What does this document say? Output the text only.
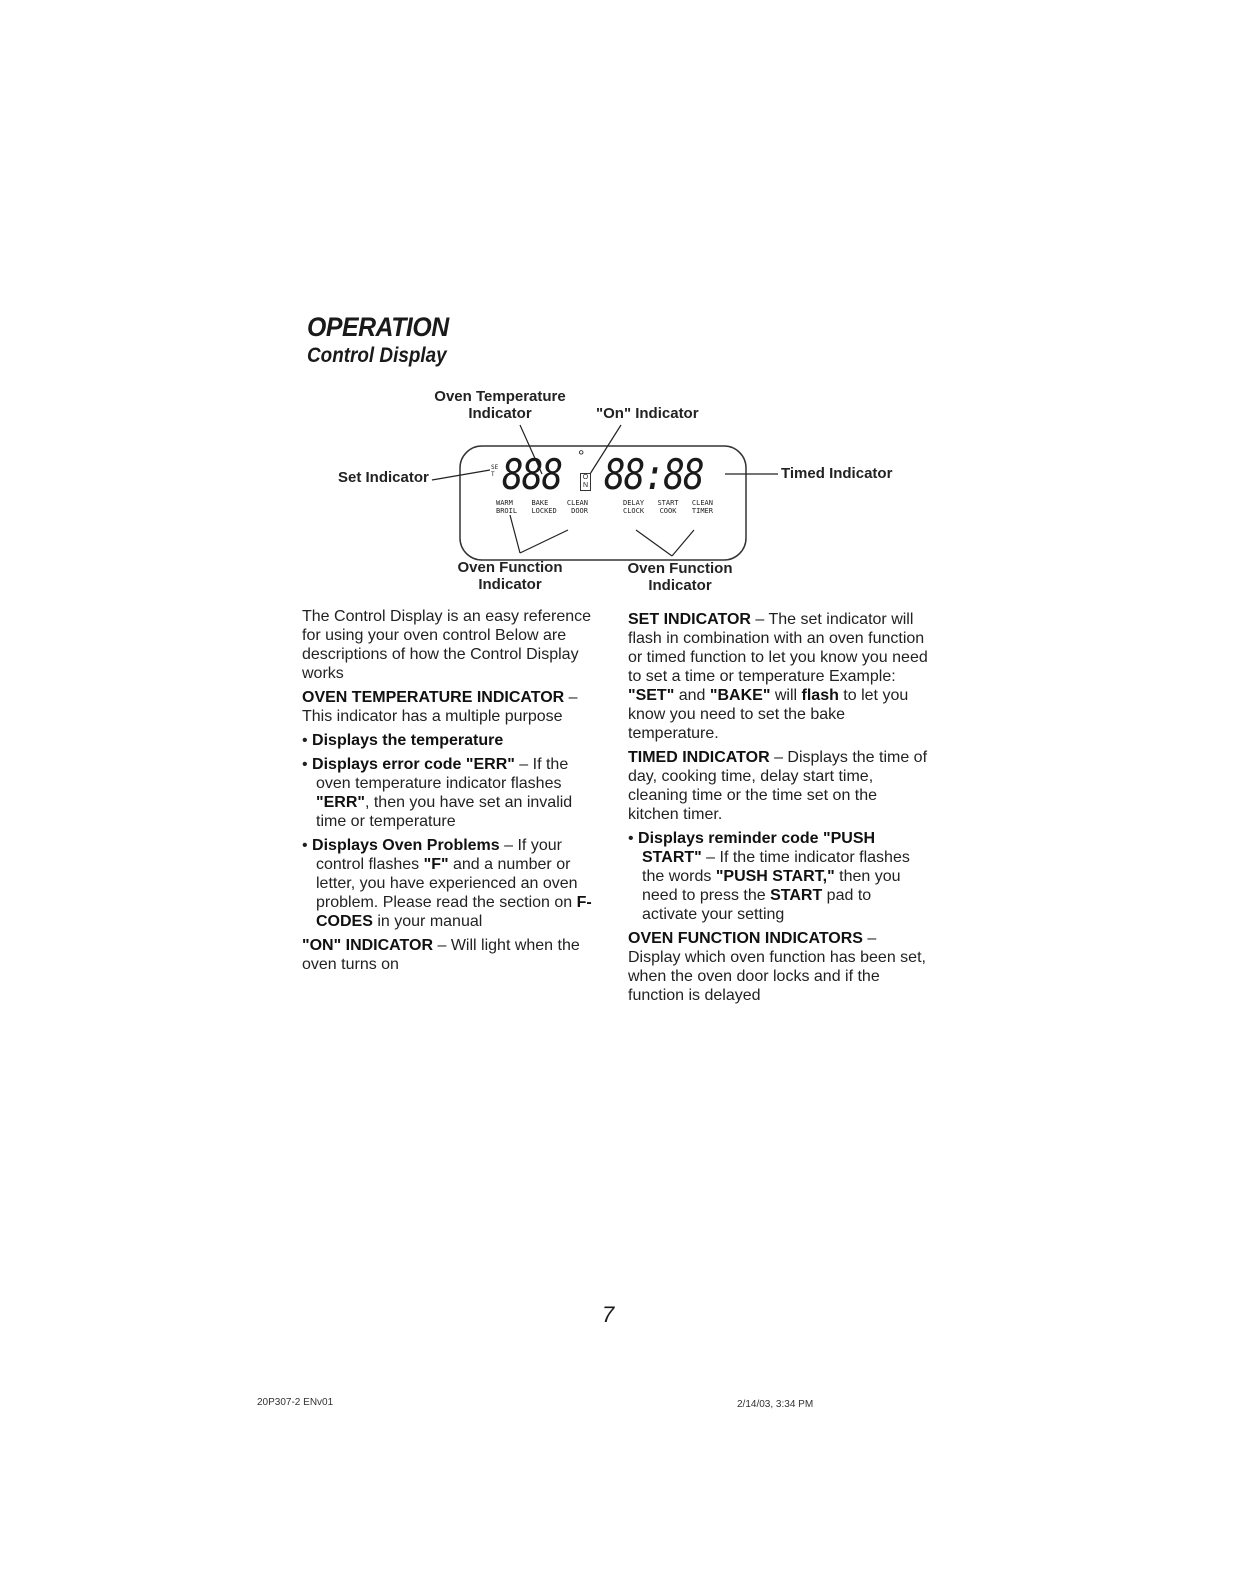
OPERATION
Control Display
SET 888 °
ON 88:88
WARM	BAKE	CLEAN
BROIL LOCKED DOOR
DELAY START CLEAN
CLOCK COOK TIMER
Oven Temperature
Indicator	"On" Indicator
Set Indicator	Timed Indicator
Oven Function
Indicator
Oven Function
Indicator

The Control Display is an easy reference for using your oven control Below are descriptions of how the Control Display works

OVEN TEMPERATURE INDICATOR –
This indicator has a multiple purpose

• Displays the temperature

• Displays error code "ERR" – If the oven temperature indicator flashes "ERR", then you have set an invalid time or temperature

• Displays Oven Problems – If your control flashes "F" and a number or letter, you have experienced an oven problem. Please read the section on F-CODES in your manual

"ON" INDICATOR – Will light when the oven turns on

SET INDICATOR – The set indicator will flash in combination with an oven function or timed function to let you know you need to set a time or temperature Example: "SET" and "BAKE" will flash to let you know you need to set the bake temperature.

TIMED INDICATOR – Displays the time of day, cooking time, delay start time, cleaning time or the time set on the kitchen timer.

• Displays reminder code "PUSH START" – If the time indicator flashes the words "PUSH START," then you need to press the START pad to activate your setting

OVEN FUNCTION INDICATORS –
Display which oven function has been set, when the oven door locks and if the function is delayed

7
20P307-2 ENv01	2/14/03, 3:34 PM
